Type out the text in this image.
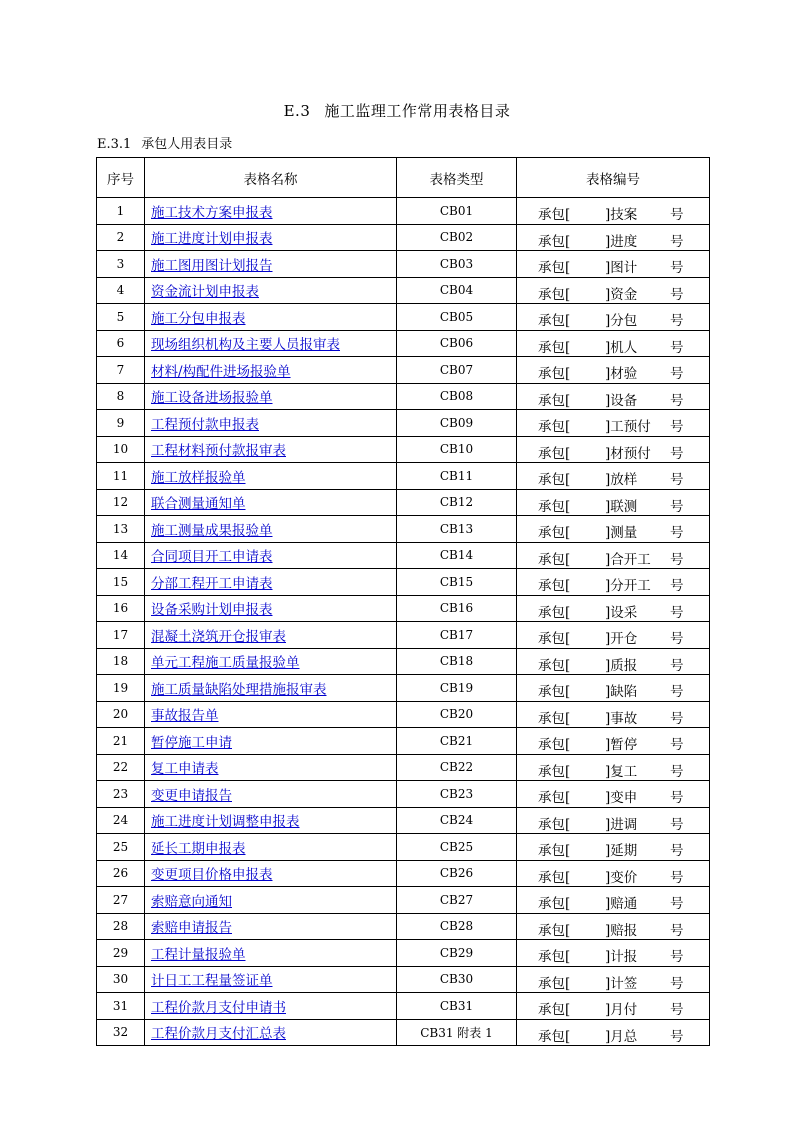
E.3 施工监理工作常用表格目录
E.3.1 承包人用表目录
序号	表格名称	表格类型	表格编号
1	施工技术方案申报表	CB01	承包[ ]技案 号

2	施工进度计划申报表	CB02	承包[ ]进度 号

3	施工图用图计划报告	CB03	承包[ ]图计 号

4	资金流计划申报表	CB04	承包[ ]资金 号

5	施工分包申报表	CB05	承包[ ]分包 号

6	现场组织机构及主要人员报审表	CB06	承包[ ]机人 号

7	材料/构配件进场报验单	CB07	承包[ ]材验 号

8	施工设备进场报验单	CB08	承包[ ]设备 号

9	工程预付款申报表	CB09	承包[ ]工预付 号

10	工程材料预付款报审表	CB10	承包[ ]材预付 号

11	施工放样报验单	CB11	承包[ ]放样 号

12	联合测量通知单	CB12	承包[ ]联测 号

13	施工测量成果报验单	CB13	承包[ ]测量 号

14	合同项目开工申请表	CB14	承包[ ]合开工 号

15	分部工程开工申请表	CB15	承包[ ]分开工 号

16	设备采购计划申报表	CB16	承包[ ]设采 号

17	混凝土浇筑开仓报审表	CB17	承包[ ]开仓 号

18	单元工程施工质量报验单	CB18	承包[ ]质报 号

19	施工质量缺陷处理措施报审表	CB19	承包[ ]缺陷 号

20	事故报告单	CB20	承包[ ]事故 号

21	暂停施工申请	CB21	承包[ ]暂停 号

22	复工申请表	CB22	承包[ ]复工 号

23	变更申请报告	CB23	承包[ ]变申 号

24	施工进度计划调整申报表	CB24	承包[ ]进调 号

25	延长工期申报表	CB25	承包[ ]延期 号

26	变更项目价格申报表	CB26	承包[ ]变价 号

27	索赔意向通知	CB27	承包[ ]赔通 号

28	索赔申请报告	CB28	承包[ ]赔报 号

29	工程计量报验单	CB29	承包[ ]计报 号

30	计日工工程量签证单	CB30	承包[ ]计签 号

31	工程价款月支付申请书	CB31	承包[ ]月付 号

32	工程价款月支付汇总表	CB31 附表 1	承包[ ]月总 号
